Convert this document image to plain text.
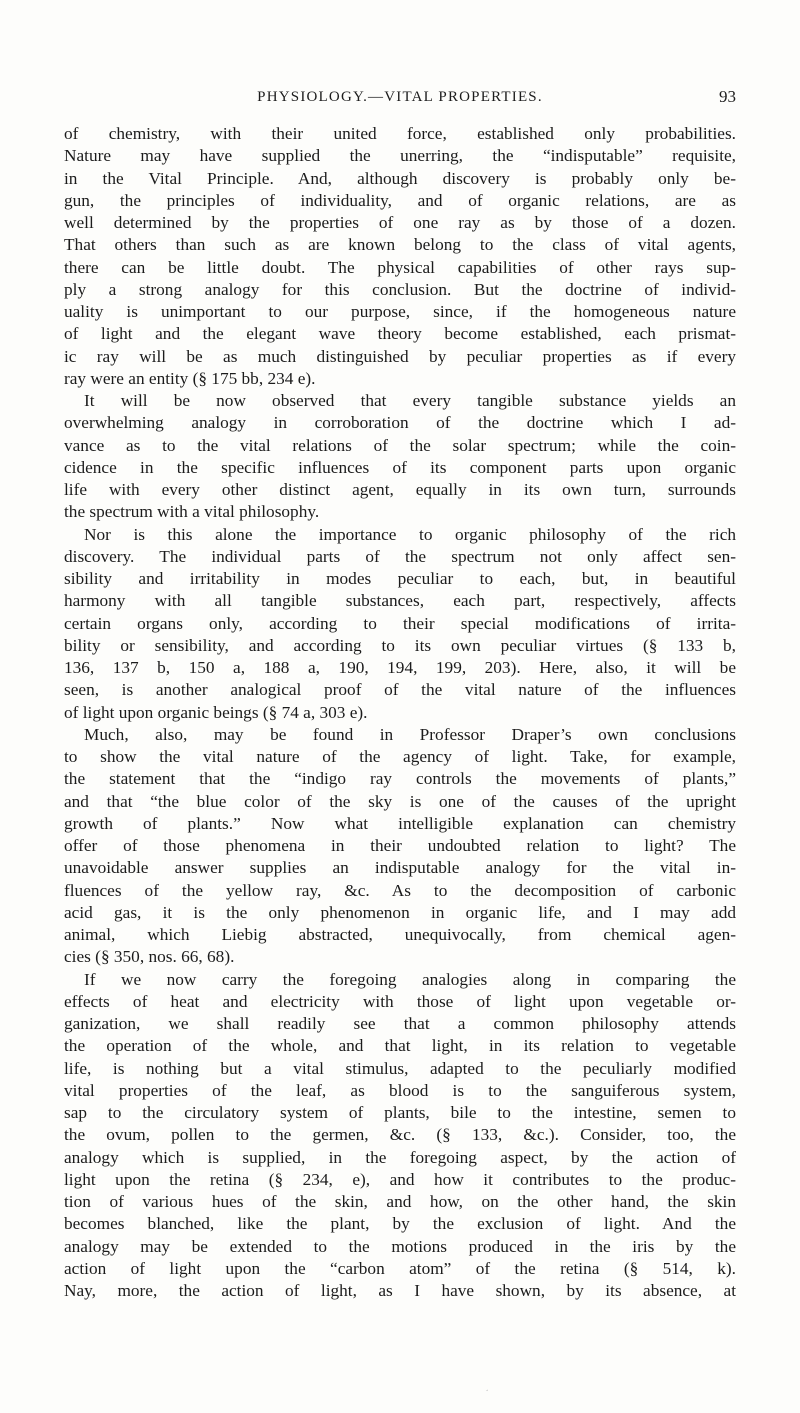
PHYSIOLOGY.—VITAL PROPERTIES.	93
of chemistry, with their united force, established only probabilities.
Nature may have supplied the unerring, the “indisputable” requisite,
in the Vital Principle. And, although discovery is probably only be-
gun, the principles of individuality, and of organic relations, are as
well determined by the properties of one ray as by those of a dozen.
That others than such as are known belong to the class of vital agents,
there can be little doubt. The physical capabilities of other rays sup-
ply a strong analogy for this conclusion. But the doctrine of individ-
uality is unimportant to our purpose, since, if the homogeneous nature
of light and the elegant wave theory become established, each prismat-
ic ray will be as much distinguished by peculiar properties as if every
ray were an entity (§ 175 bb, 234 e).
It will be now observed that every tangible substance yields an
overwhelming analogy in corroboration of the doctrine which I ad-
vance as to the vital relations of the solar spectrum; while the coin-
cidence in the specific influences of its component parts upon organic
life with every other distinct agent, equally in its own turn, surrounds
the spectrum with a vital philosophy.
Nor is this alone the importance to organic philosophy of the rich
discovery. The individual parts of the spectrum not only affect sen-
sibility and irritability in modes peculiar to each, but, in beautiful
harmony with all tangible substances, each part, respectively, affects
certain organs only, according to their special modifications of irrita-
bility or sensibility, and according to its own peculiar virtues (§ 133 b,
136, 137 b, 150 a, 188 a, 190, 194, 199, 203). Here, also, it will be
seen, is another analogical proof of the vital nature of the influences
of light upon organic beings (§ 74 a, 303 e).
Much, also, may be found in Professor Draper’s own conclusions
to show the vital nature of the agency of light. Take, for example,
the statement that the “indigo ray controls the movements of plants,”
and that “the blue color of the sky is one of the causes of the upright
growth of plants.” Now what intelligible explanation can chemistry
offer of those phenomena in their undoubted relation to light? The
unavoidable answer supplies an indisputable analogy for the vital in-
fluences of the yellow ray, &c. As to the decomposition of carbonic
acid gas, it is the only phenomenon in organic life, and I may add
animal, which Liebig abstracted, unequivocally, from chemical agen-
cies (§ 350, nos. 66, 68).
If we now carry the foregoing analogies along in comparing the
effects of heat and electricity with those of light upon vegetable or-
ganization, we shall readily see that a common philosophy attends
the operation of the whole, and that light, in its relation to vegetable
life, is nothing but a vital stimulus, adapted to the peculiarly modified
vital properties of the leaf, as blood is to the sanguiferous system,
sap to the circulatory system of plants, bile to the intestine, semen to
the ovum, pollen to the germen, &c. (§ 133, &c.). Consider, too, the
analogy which is supplied, in the foregoing aspect, by the action of
light upon the retina (§ 234, e), and how it contributes to the produc-
tion of various hues of the skin, and how, on the other hand, the skin
becomes blanched, like the plant, by the exclusion of light. And the
analogy may be extended to the motions produced in the iris by the
action of light upon the “carbon atom” of the retina (§ 514, k).
Nay, more, the action of light, as I have shown, by its absence, at
˯
